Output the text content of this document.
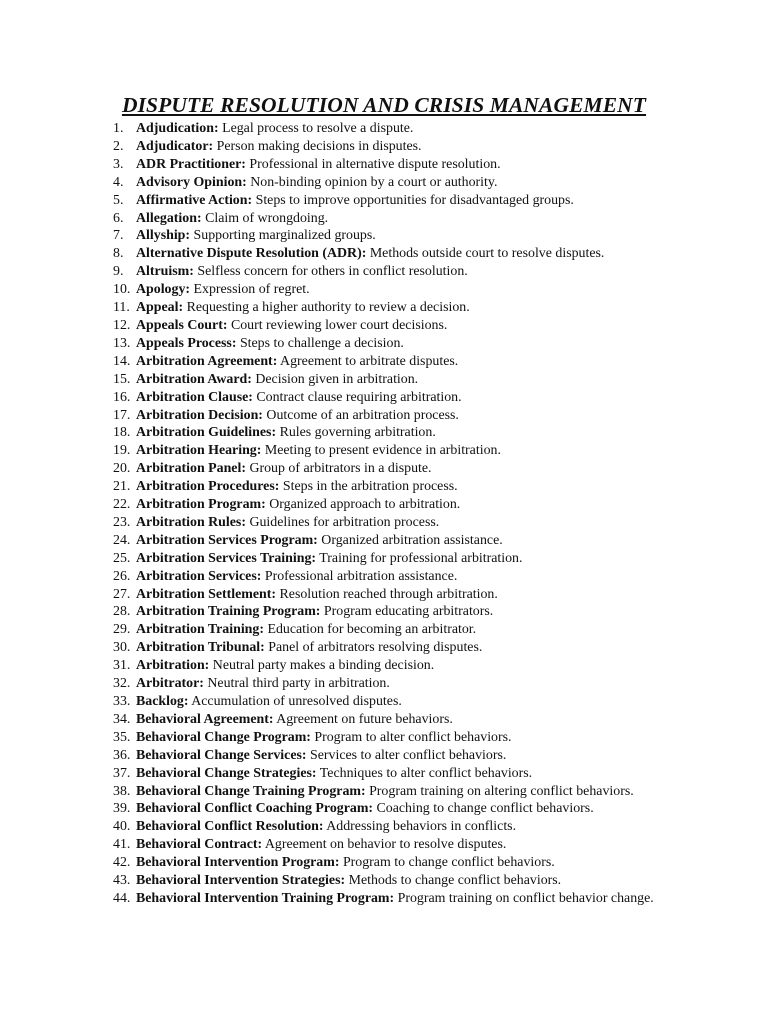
DISPUTE RESOLUTION AND CRISIS MANAGEMENT
1. Adjudication: Legal process to resolve a dispute.
2. Adjudicator: Person making decisions in disputes.
3. ADR Practitioner: Professional in alternative dispute resolution.
4. Advisory Opinion: Non-binding opinion by a court or authority.
5. Affirmative Action: Steps to improve opportunities for disadvantaged groups.
6. Allegation: Claim of wrongdoing.
7. Allyship: Supporting marginalized groups.
8. Alternative Dispute Resolution (ADR): Methods outside court to resolve disputes.
9. Altruism: Selfless concern for others in conflict resolution.
10. Apology: Expression of regret.
11. Appeal: Requesting a higher authority to review a decision.
12. Appeals Court: Court reviewing lower court decisions.
13. Appeals Process: Steps to challenge a decision.
14. Arbitration Agreement: Agreement to arbitrate disputes.
15. Arbitration Award: Decision given in arbitration.
16. Arbitration Clause: Contract clause requiring arbitration.
17. Arbitration Decision: Outcome of an arbitration process.
18. Arbitration Guidelines: Rules governing arbitration.
19. Arbitration Hearing: Meeting to present evidence in arbitration.
20. Arbitration Panel: Group of arbitrators in a dispute.
21. Arbitration Procedures: Steps in the arbitration process.
22. Arbitration Program: Organized approach to arbitration.
23. Arbitration Rules: Guidelines for arbitration process.
24. Arbitration Services Program: Organized arbitration assistance.
25. Arbitration Services Training: Training for professional arbitration.
26. Arbitration Services: Professional arbitration assistance.
27. Arbitration Settlement: Resolution reached through arbitration.
28. Arbitration Training Program: Program educating arbitrators.
29. Arbitration Training: Education for becoming an arbitrator.
30. Arbitration Tribunal: Panel of arbitrators resolving disputes.
31. Arbitration: Neutral party makes a binding decision.
32. Arbitrator: Neutral third party in arbitration.
33. Backlog: Accumulation of unresolved disputes.
34. Behavioral Agreement: Agreement on future behaviors.
35. Behavioral Change Program: Program to alter conflict behaviors.
36. Behavioral Change Services: Services to alter conflict behaviors.
37. Behavioral Change Strategies: Techniques to alter conflict behaviors.
38. Behavioral Change Training Program: Program training on altering conflict behaviors.
39. Behavioral Conflict Coaching Program: Coaching to change conflict behaviors.
40. Behavioral Conflict Resolution: Addressing behaviors in conflicts.
41. Behavioral Contract: Agreement on behavior to resolve disputes.
42. Behavioral Intervention Program: Program to change conflict behaviors.
43. Behavioral Intervention Strategies: Methods to change conflict behaviors.
44. Behavioral Intervention Training Program: Program training on conflict behavior change.
